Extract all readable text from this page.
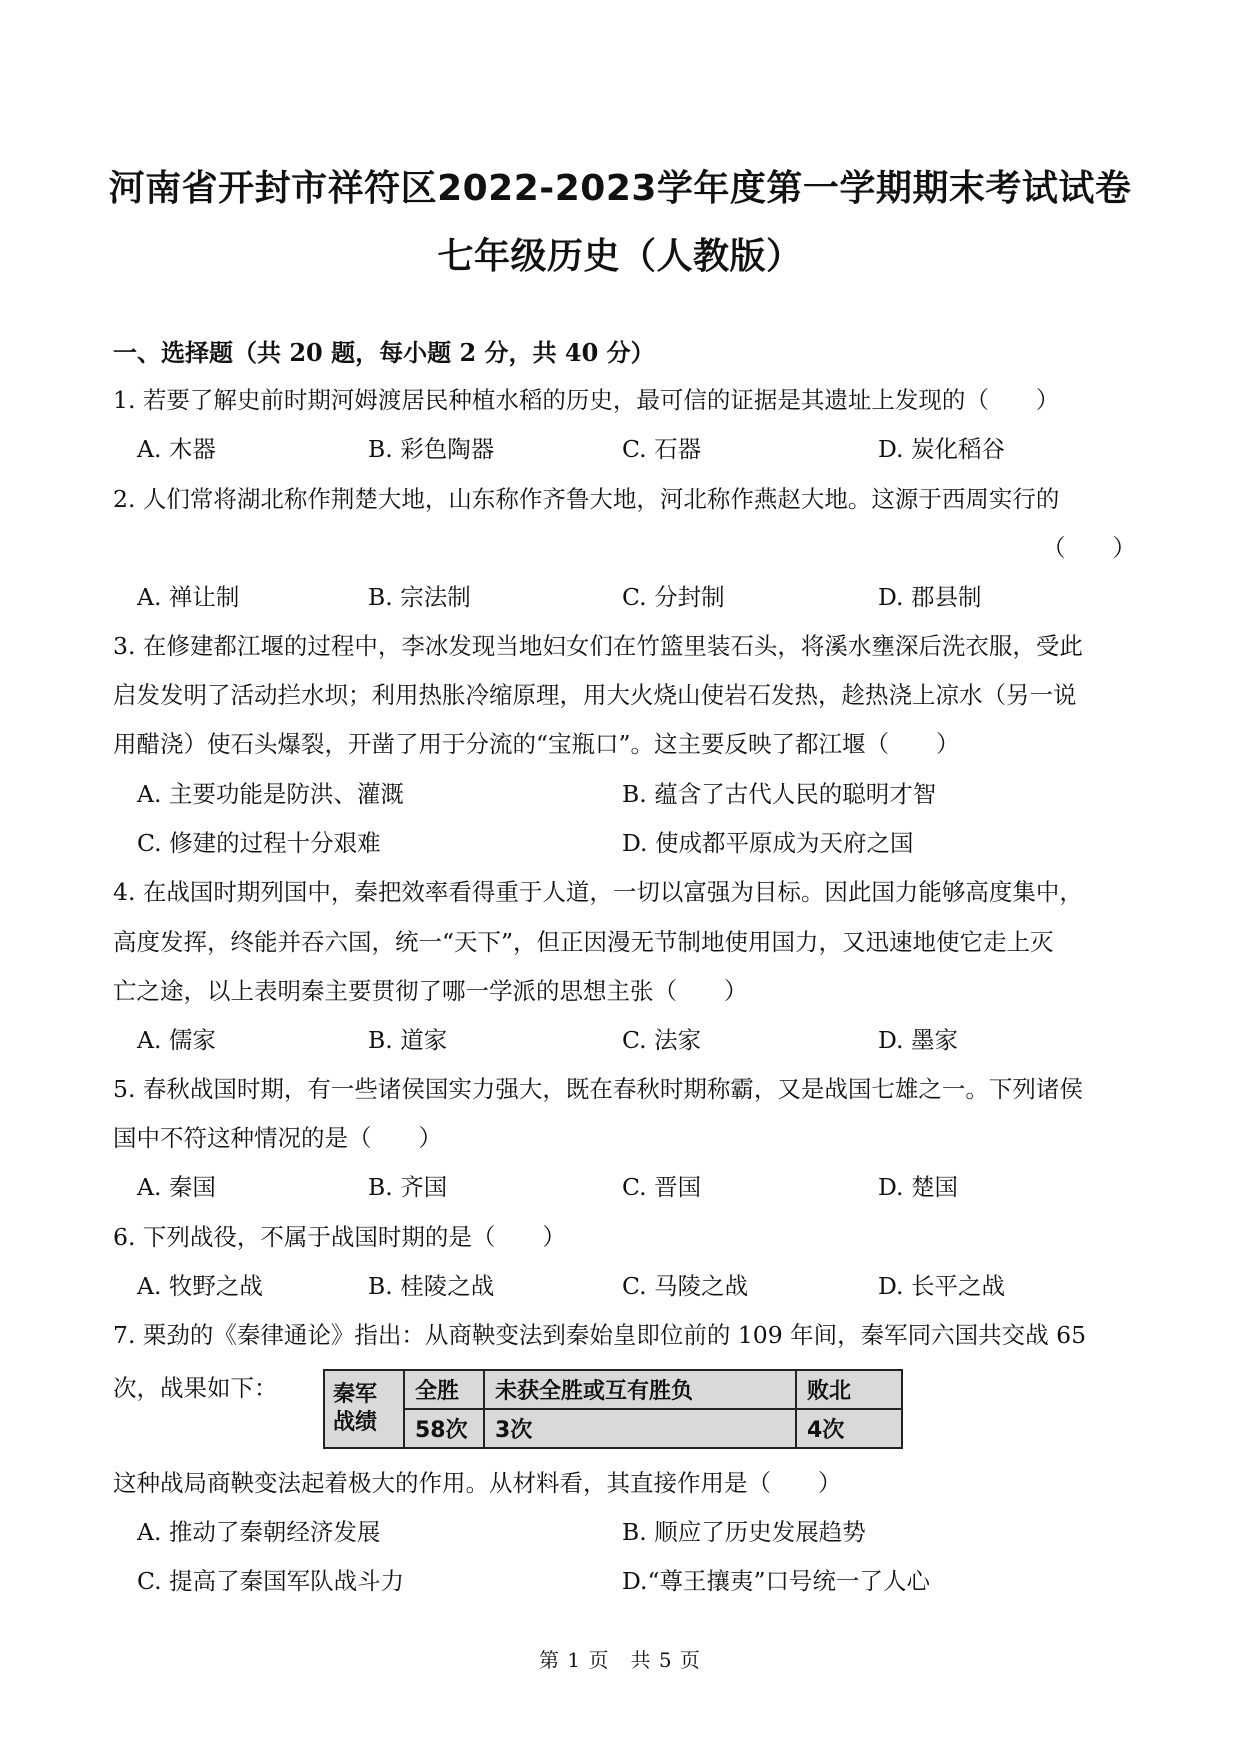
河南省开封市祥符区2022-2023学年度第一学期期末考试试卷
七年级历史（人教版）
一、选择题（共 20 题，每小题 2 分，共 40 分）
1. 若要了解史前时期河姆渡居民种植水稻的历史，最可信的证据是其遗址上发现的（　　）
A. 木器	B. 彩色陶器	C. 石器	D. 炭化稻谷
2. 人们常将湖北称作荆楚大地，山东称作齐鲁大地，河北称作燕赵大地。这源于西周实行的
（　　）
A. 禅让制	B. 宗法制	C. 分封制	D. 郡县制
3. 在修建都江堰的过程中，李冰发现当地妇女们在竹篮里装石头，将溪水壅深后洗衣服，受此
启发发明了活动拦水坝；利用热胀冷缩原理，用大火烧山使岩石发热，趁热浇上凉水（另一说
用醋浇）使石头爆裂，开凿了用于分流的“宝瓶口”。这主要反映了都江堰（　　）
A. 主要功能是防洪、灌溉	B. 蕴含了古代人民的聪明才智
C. 修建的过程十分艰难	D. 使成都平原成为天府之国
4. 在战国时期列国中，秦把效率看得重于人道，一切以富强为目标。因此国力能够高度集中，
高度发挥，终能并吞六国，统一“天下”，但正因漫无节制地使用国力，又迅速地使它走上灭
亡之途，以上表明秦主要贯彻了哪一学派的思想主张（　　）
A. 儒家	B. 道家	C. 法家	D. 墨家
5. 春秋战国时期，有一些诸侯国实力强大，既在春秋时期称霸，又是战国七雄之一。下列诸侯
国中不符这种情况的是（　　）
A. 秦国	B. 齐国	C. 晋国	D. 楚国
6. 下列战役，不属于战国时期的是（　　）
A. 牧野之战	B. 桂陵之战	C. 马陵之战	D. 长平之战
7. 栗劲的《秦律通论》指出：从商鞅变法到秦始皇即位前的 109 年间，秦军同六国共交战 65
次，战果如下：	秦军战绩	全胜	未获全胜或互有胜负	败北
	58次	3次	4次
这种战局商鞅变法起着极大的作用。从材料看，其直接作用是（　　）
A. 推动了秦朝经济发展	B. 顺应了历史发展趋势
C. 提高了秦国军队战斗力	D.“尊王攘夷”口号统一了人心
第 1 页　共 5 页
